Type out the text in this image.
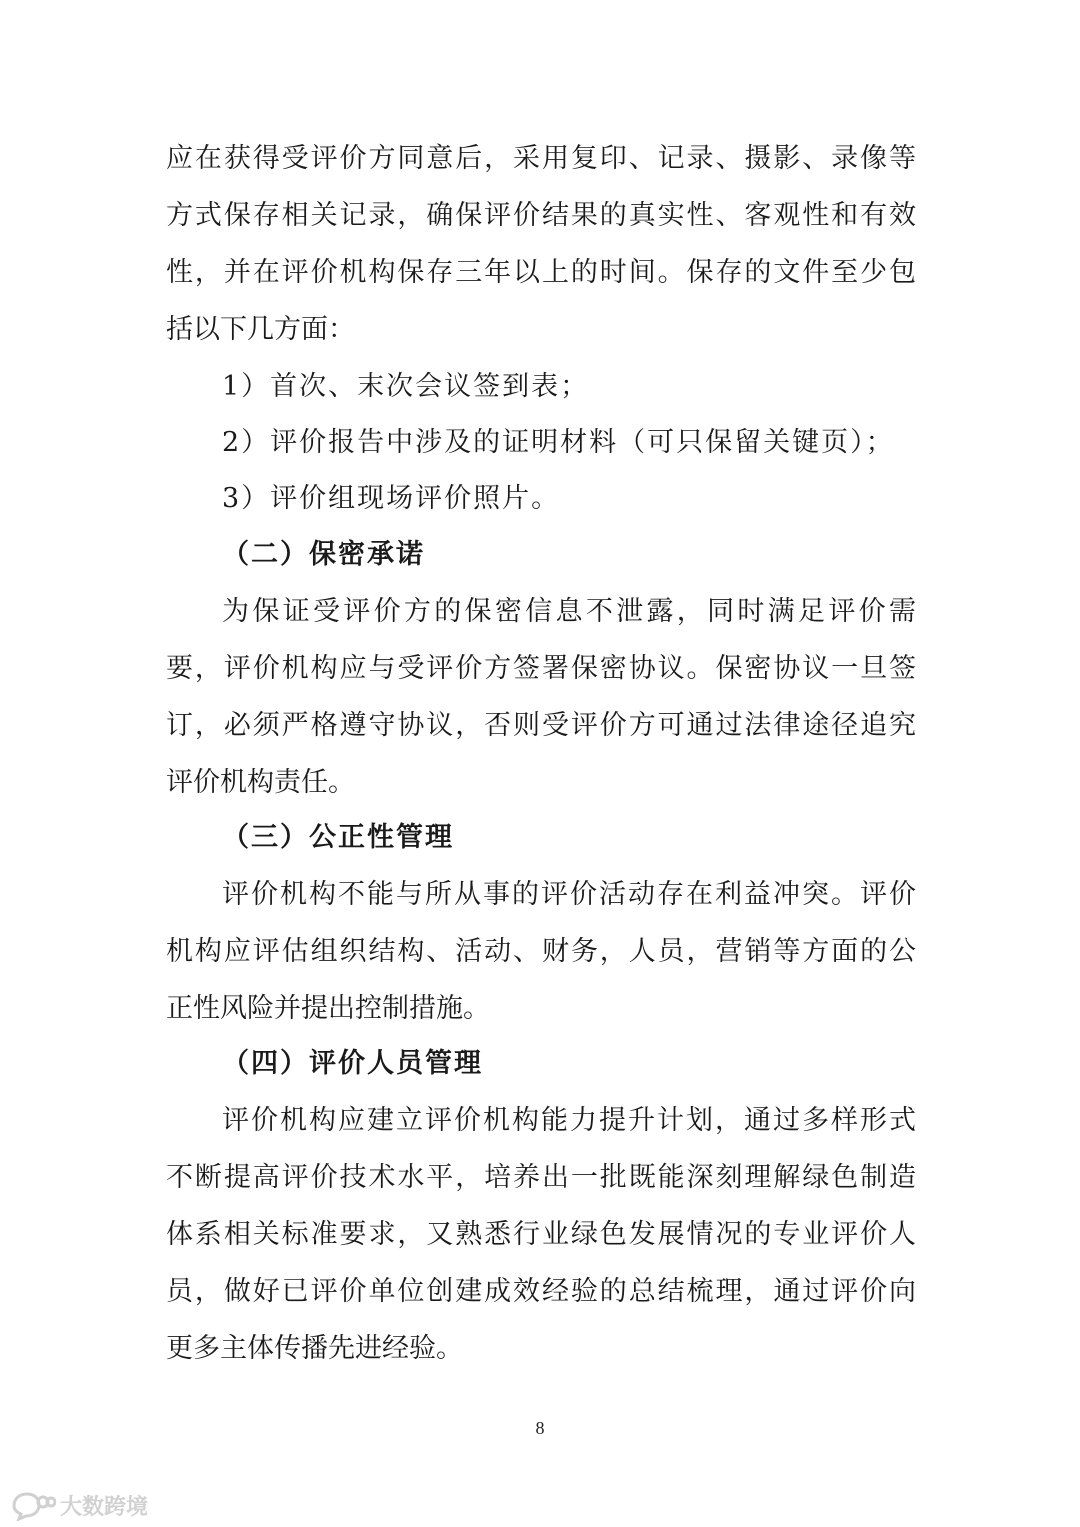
应在获得受评价方同意后，采用复印、记录、摄影、录像等
方式保存相关记录，确保评价结果的真实性、客观性和有效
性，并在评价机构保存三年以上的时间。保存的文件至少包
括以下几方面：
1）首次、末次会议签到表；
2）评价报告中涉及的证明材料（可只保留关键页）；
3）评价组现场评价照片。
（二）保密承诺
为保证受评价方的保密信息不泄露，同时满足评价需
要，评价机构应与受评价方签署保密协议。保密协议一旦签
订，必须严格遵守协议，否则受评价方可通过法律途径追究
评价机构责任。
（三）公正性管理
评价机构不能与所从事的评价活动存在利益冲突。评价
机构应评估组织结构、活动、财务，人员，营销等方面的公
正性风险并提出控制措施。
（四）评价人员管理
评价机构应建立评价机构能力提升计划，通过多样形式
不断提高评价技术水平，培养出一批既能深刻理解绿色制造
体系相关标准要求，又熟悉行业绿色发展情况的专业评价人
员，做好已评价单位创建成效经验的总结梳理，通过评价向
更多主体传播先进经验。
8
大数跨境
